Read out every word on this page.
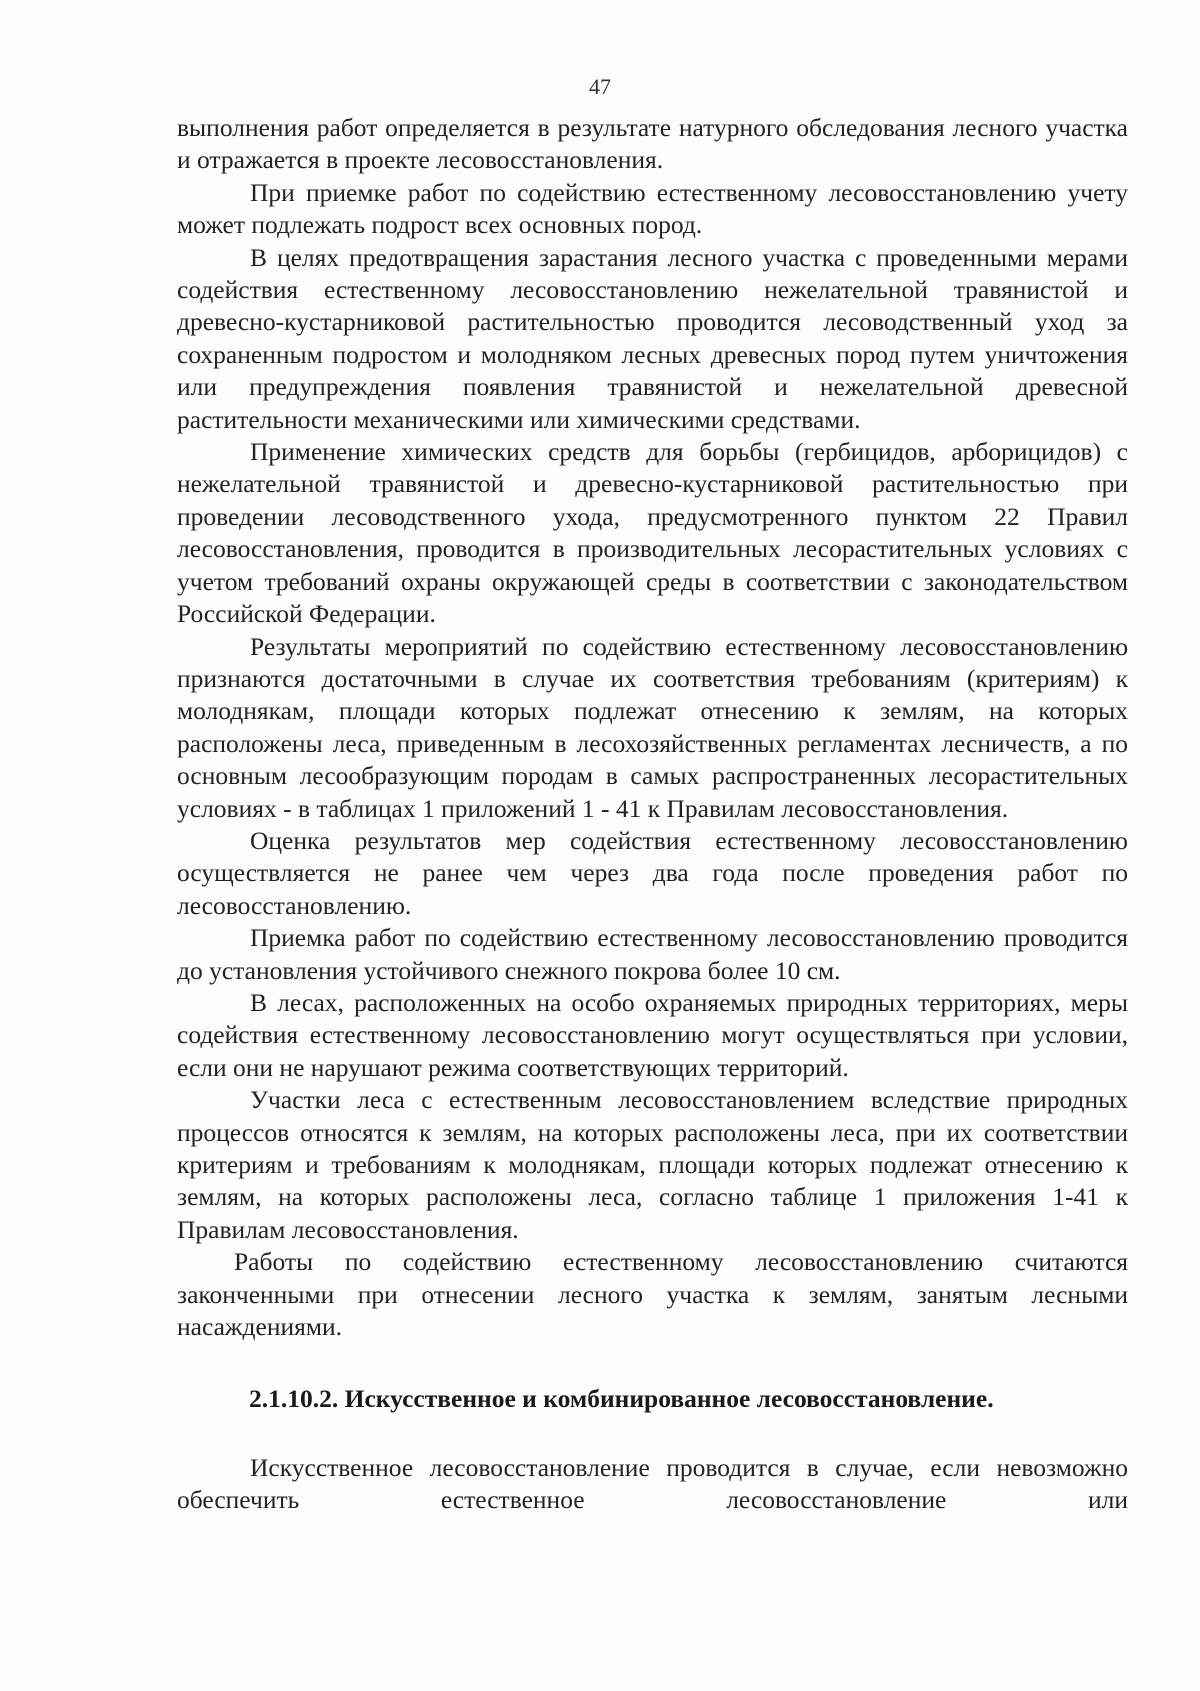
47

выполнения работ определяется в результате натурного обследования лесного участка и отражается в проекте лесовосстановления.

При приемке работ по содействию естественному лесовосстановлению учету может подлежать подрост всех основных пород.

В целях предотвращения зарастания лесного участка с проведенными мерами содействия естественному лесовосстановлению нежелательной травянистой и древесно-кустарниковой растительностью проводится лесоводственный уход за сохраненным подростом и молодняком лесных древесных пород путем уничтожения или предупреждения появления травянистой и нежелательной древесной растительности механическими или химическими средствами.

Применение химических средств для борьбы (гербицидов, арборицидов) с нежелательной травянистой и древесно-кустарниковой растительностью при проведении лесоводственного ухода, предусмотренного пунктом 22 Правил лесовосстановления, проводится в производительных лесорастительных условиях с учетом требований охраны окружающей среды в соответствии с законодательством Российской Федерации.

Результаты мероприятий по содействию естественному лесовосстановлению признаются достаточными в случае их соответствия требованиям (критериям) к молоднякам, площади которых подлежат отнесению к землям, на которых расположены леса, приведенным в лесохозяйственных регламентах лесничеств, а по основным лесообразующим породам в самых распространенных лесорастительных условиях - в таблицах 1 приложений 1 - 41 к Правилам лесовосстановления.

Оценка результатов мер содействия естественному лесовосстановлению осуществляется не ранее чем через два года после проведения работ по лесовосстановлению.

Приемка работ по содействию естественному лесовосстановлению проводится до установления устойчивого снежного покрова более 10 см.

В лесах, расположенных на особо охраняемых природных территориях, меры содействия естественному лесовосстановлению могут осуществляться при условии, если они не нарушают режима соответствующих территорий.

Участки леса с естественным лесовосстановлением вследствие природных процессов относятся к землям, на которых расположены леса, при их соответствии критериям и требованиям к молоднякам, площади которых подлежат отнесению к землям, на которых расположены леса, согласно таблице 1 приложения 1-41 к Правилам лесовосстановления.

Работы по содействию естественному лесовосстановлению считаются законченными при отнесении лесного участка к землям, занятым лесными насаждениями.

2.1.10.2. Искусственное и комбинированное лесовосстановление.

Искусственное лесовосстановление проводится в случае, если невозможно обеспечить естественное лесовосстановление или
